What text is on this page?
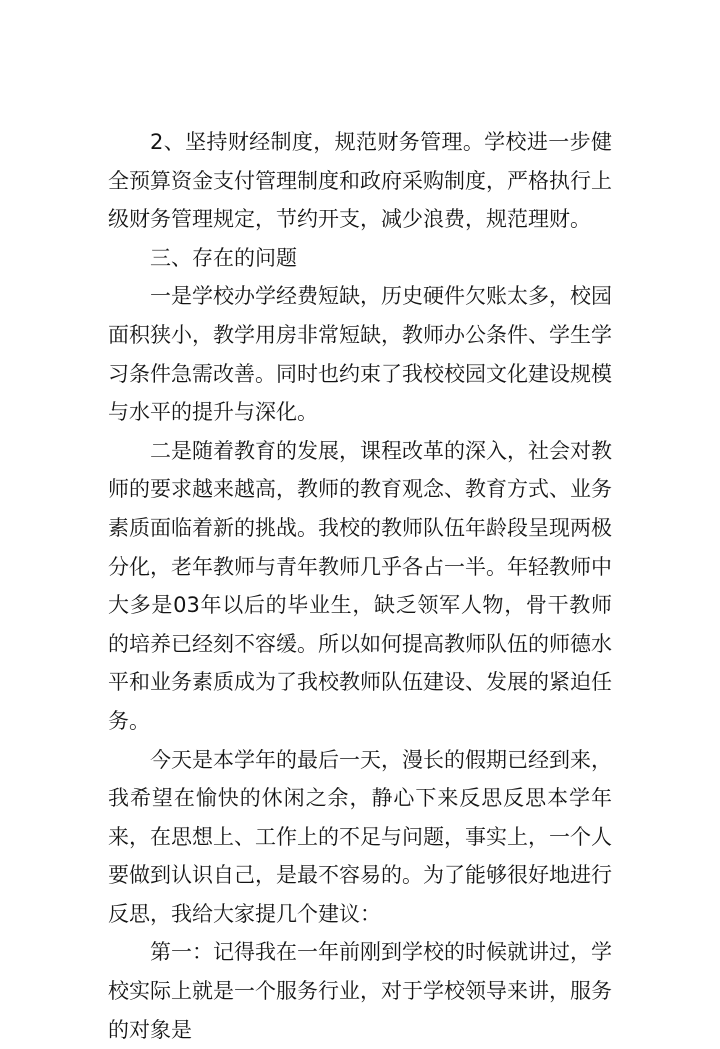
2、坚持财经制度，规范财务管理。学校进一步健全预算资金支付管理制度和政府采购制度，严格执行上级财务管理规定，节约开支，减少浪费，规范理财。

三、存在的问题

一是学校办学经费短缺，历史硬件欠账太多，校园面积狭小，教学用房非常短缺，教师办公条件、学生学习条件急需改善。同时也约束了我校校园文化建设规模与水平的提升与深化。

二是随着教育的发展，课程改革的深入，社会对教师的要求越来越高，教师的教育观念、教育方式、业务素质面临着新的挑战。我校的教师队伍年龄段呈现两极分化，老年教师与青年教师几乎各占一半。年轻教师中大多是03年以后的毕业生，缺乏领军人物，骨干教师的培养已经刻不容缓。所以如何提高教师队伍的师德水平和业务素质成为了我校教师队伍建设、发展的紧迫任务。

今天是本学年的最后一天，漫长的假期已经到来，我希望在愉快的休闲之余，静心下来反思反思本学年来，在思想上、工作上的不足与问题，事实上，一个人要做到认识自己，是最不容易的。为了能够很好地进行反思，我给大家提几个建议：

第一：记得我在一年前刚到学校的时候就讲过，学校实际上就是一个服务行业，对于学校领导来讲，服务的对象是
